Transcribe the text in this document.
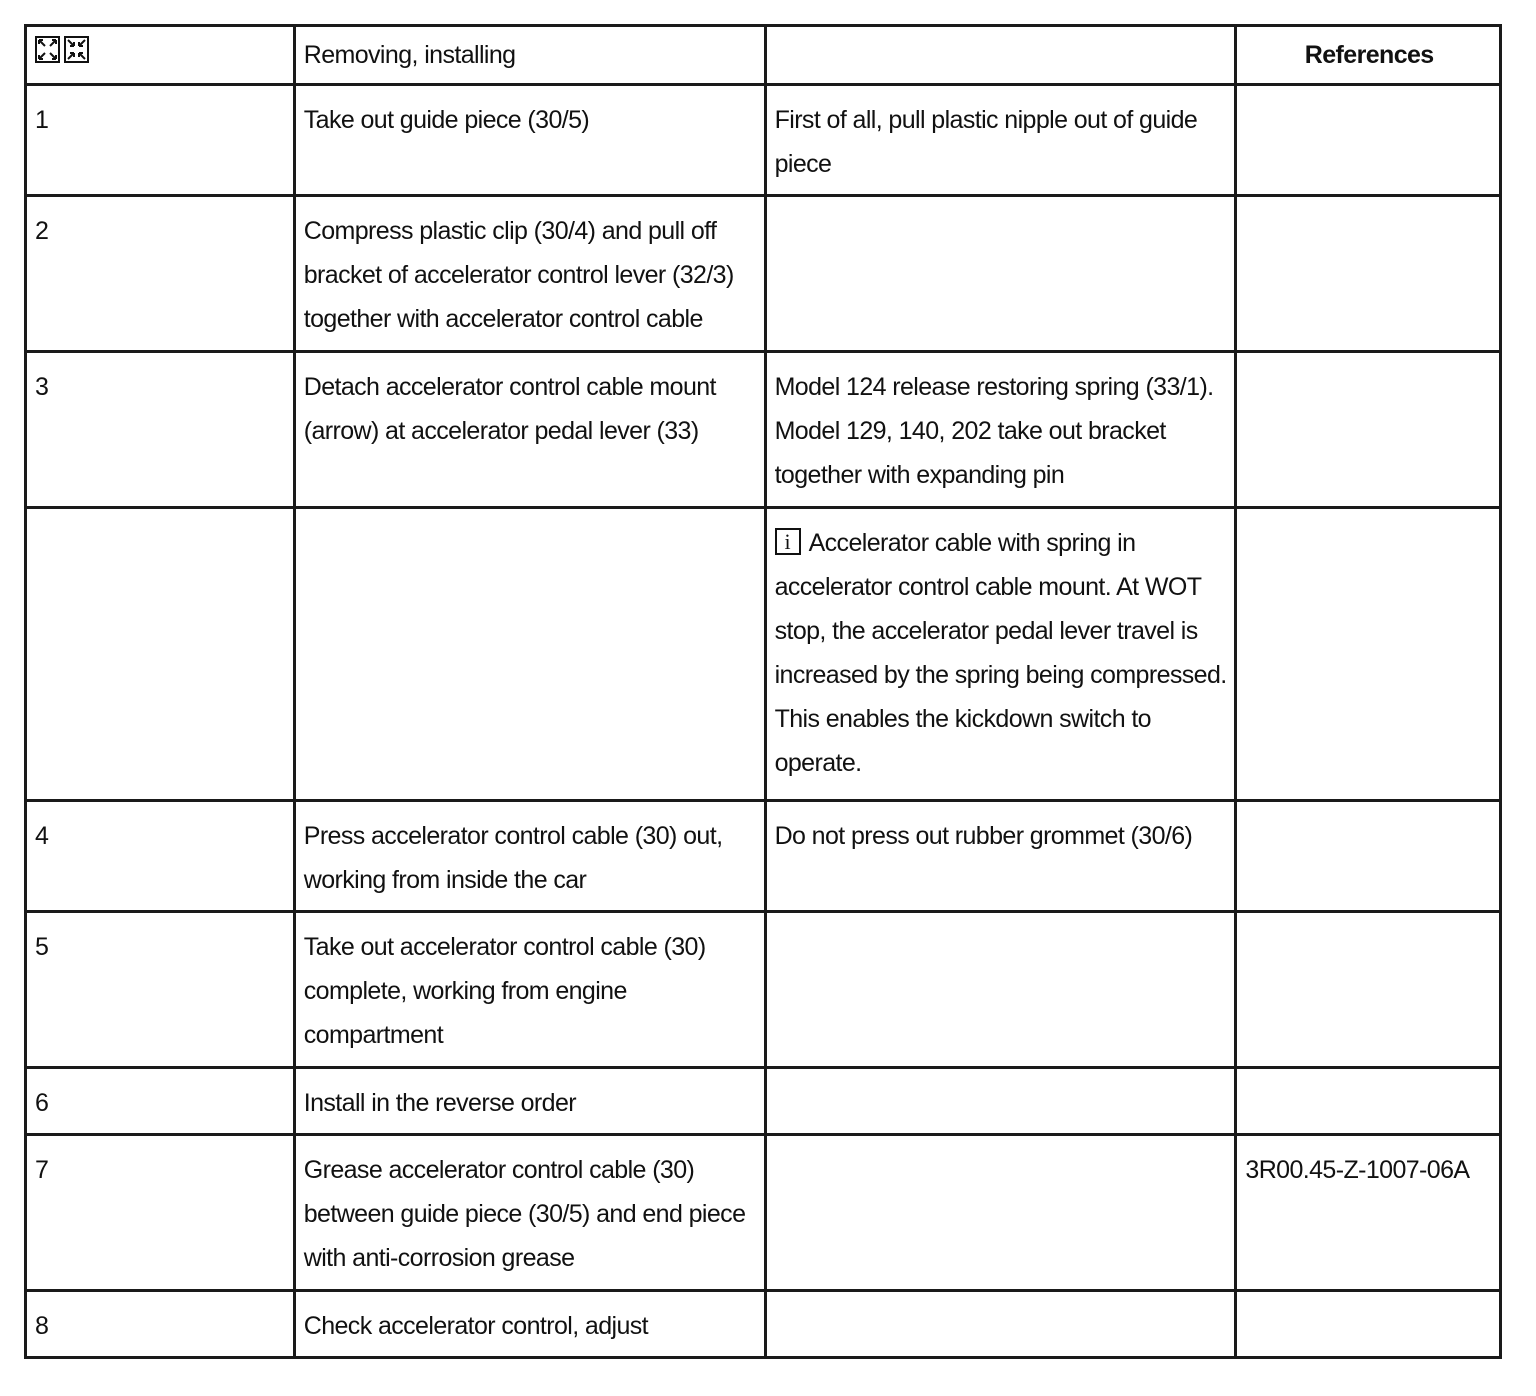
	Removing, installing		References
1	Take out guide piece (30/5)	First of all, pull plastic nipple out of guide piece	
2	Compress plastic clip (30/4) and pull off bracket of accelerator control lever (32/3) together with accelerator control cable		
3	Detach accelerator control cable mount (arrow) at accelerator pedal lever (33)	Model 124 release restoring spring (33/1). Model 129, 140, 202 take out bracket together with expanding pin	
		i Accelerator cable with spring in accelerator control cable mount. At WOT stop, the accelerator pedal lever travel is increased by the spring being compressed. This enables the kickdown switch to operate.	
4	Press accelerator control cable (30) out, working from inside the car	Do not press out rubber grommet (30/6)	
5	Take out accelerator control cable (30) complete, working from engine compartment		
6	Install in the reverse order		
7	Grease accelerator control cable (30) between guide piece (30/5) and end piece with anti-corrosion grease		3R00.45-Z-1007-06A
8	Check accelerator control, adjust		
